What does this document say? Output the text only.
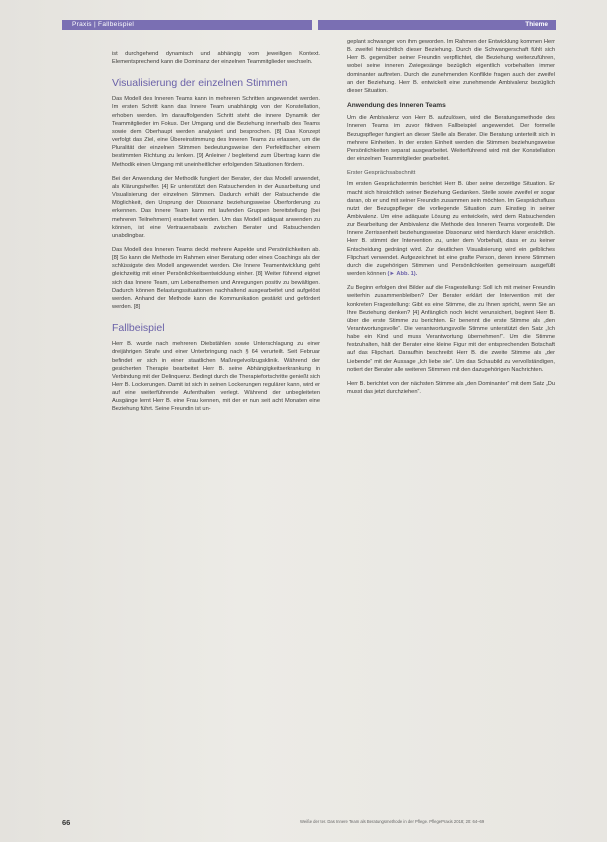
Praxis | Fallbeispiel	Thieme

ist durchgehend dynamisch und abhängig vom jeweiligen Kontext. Elementsprechend kann die Dominanz der einzelnen Teammitglieder wechseln.

Visualisierung der einzelnen Stimmen

Das Modell des Inneren Teams kann in mehreren Schritten angewendet werden. Im ersten Schritt kann das Innere Team unabhängig von der Konstellation, erhoben werden. Im darauffolgenden Schritt steht die innere Dynamik der Teammitglieder im Fokus. Der Umgang und die Beziehung innerhalb des Teams sowie dem Oberhaupt werden analysiert und besprochen. [8] Das Konzept verfolgt das Ziel, eine Übereinstimmung des Inneren Teams zu erlassen, um die Pluralität der einzelnen Stimmen bedeutungsweise den Perfektfischer einem bestimmten Richtung zu lenken. [9] Anleiner / begleitend zum Übertrag kann die Methodik einen Umgang mit uneinheitlicher erfolgenden Situationen fördern.

Bei der Anwendung der Methodik fungiert der Berater, der das Modell anwendet, als Klärungshelfer. [4] Er unterstützt den Ratsuchenden in der Ausarbeitung und Visualisierung der einzelnen Stimmen. Dadurch erhält der Ratsuchende die Möglichkeit, den Ursprung der Dissonanz beziehungsweise Überforderung zu erkennen. Das Innere Team kann mit laufenden Gruppen bereitstellung (bei mehreren Teilnehmern) erarbeitet werden. Um das Modell adäquat anwenden zu können, ist eine Vertrauensbasis zwischen Berater und Ratsuchenden unabdingbar.

Das Modell des Inneren Teams deckt mehrere Aspekte und Persönlichkeiten ab. [8] So kann die Methode im Rahmen einer Beratung oder eines Coachings als der schlüssigste des Modell angewendet werden. Die Innere Teamentwicklung geht gleichzeitig mit einer Persönlichkeitsentwicklung einher. [8] Weiter führend eignet sich das Innere Team, um Lebensthemen und Anregungen positiv zu bewältigen. Dadurch können Belastungssituationen nachhaltend ausgearbeitet und aufgelöst werden. Anhand der Methode kann die Kommunikation gestärkt und gefördert werden. [8]

Fallbeispiel

Herr B. wurde nach mehreren Diebstählen sowie Unterschlagung zu einer dreijährigen Strafe und einer Unterbringung nach § 64 verurteilt. Seit Februar befindet er sich in einer staatlichen Maßregelvollzugsklinik. Während der gesicherten Therapie bearbeitet Herr B. seine Abhängigkeitserkrankung in Verbindung mit der Delinquenz. Bedingt durch die Therapiefortschritte genießt sich Herr B. Lockerungen. Damit ist sich in seinen Lockerungen regulärer kann, wird er auf eine weiterführende Aufenthalten verlegt. Während der unbegleiteten Ausgänge lernt Herr B. eine Frau kennen, mit der er nun seit acht Monaten eine Beziehung führt. Seine Freundin ist un-

geplant schwanger von ihm geworden. Im Rahmen der Entwicklung kommen Herr B. zweifel hinsichtlich dieser Beziehung. Durch die Schwangerschaft fühlt sich Herr B. gegenüber seiner Freundin verpflichtet, die Beziehung weiterzuführen, wobei seine inneren Zwiegesänge bezüglich eigentlich vorbehalten immer dominanter auftreten. Durch die zunehmenden Konflikte fragen auch der zweifel an der Beziehung. Herr B. entwickelt eine zunehmende Ambivalenz bezüglich dieser Situation.

Anwendung des Inneren Teams

Um die Ambivalenz von Herr B. aufzulösen, wird die Beratungsmethode des Inneren Teams im zuvor fiktiven Fallbeispiel angewendet. Der formelle Bezugspfleger fungiert an dieser Stelle als Berater. Die Beratung unterteilt sich in mehrere Einheiten. In der ersten Einheit werden die Stimmen beziehungsweise Persönlichkeiten separat ausgearbeitet. Weiterführend wird mit der Konstellation der einzelnen Teammitglieder gearbeitet.

Erster Gesprächsabschnitt

Im ersten Gesprächstermin berichtet Herr B. über seine derzeitige Situation. Er macht sich hinsichtlich seiner Beziehung Gedanken. Stelle sowie zweifel er sogar daran, ob er und mit seiner Freundin zusammen sein möchten. Im Gesprächsfluss nutzt der Bezugspfleger die vorliegende Situation zum Einstieg in seiner Ambivalenz. Um eine adäquate Lösung zu entwickeln, wird dem Ratsuchenden zur Bearbeitung der Ambivalenz die Methode des Inneren Teams vorgestellt. Die Innere Zerrissenheit beziehungsweise Dissonanz wird hierdurch klarer ersichtlich. Herr B. stimmt der Intervention zu, unter dem Vorbehalt, dass er zu keiner Entscheidung gedrängt wird. Zur deutlichen Visualisierung wird ein gelbliches Flipchart verwendet. Aufgezeichnet ist eine grafte Person, deren innere Stimmen durch die zugehörigen Stimmen und Persönlichkeiten gemeinsam ausgefüllt werden können (► Abb. 1).

Zu Beginn erfolgen drei Bilder auf die Fragestellung: Soll ich mit meiner Freundin weiterhin zusammenbleiben? Der Berater erklärt der Intervention mit der konkreten Fragestellung: Gibt es eine Stimme, die zu Ihnen spricht, wenn Sie an Ihre Beziehung denken? [4] Anfänglich noch leicht verunsichert, beginnt Herr B. über die erste Stimme zu berichten. Er benennt die erste Stimme als „den Verantwortungsvolle“. Die verantwortungsvolle Stimme unterstützt den Satz „Ich habe ein Kind und muss Verantwortung übernehmen!“. Um die Stimme festzuhalten, hält der Berater eine kleine Figur mit der entsprechenden Botschaft auf das Flipchart. Daraufhin beschreibt Herr B. die zweite Stimme als „der Liebende“ mit der Aussage „Ich liebe sie“. Um das Schaubild zu vervollständigen, notiert der Berater alle weiteren Stimmen mit den dazugehörigen Nachrichten.

Herr B. berichtet von der nächsten Stimme als „den Dominanter“ mit dem Satz „Du musst das jetzt durchziehen“.

66	Weiße der ter. Das Innere Team als Beratungsmethode in der Pflege. PflegePraxis 2018; 20: 64–69
